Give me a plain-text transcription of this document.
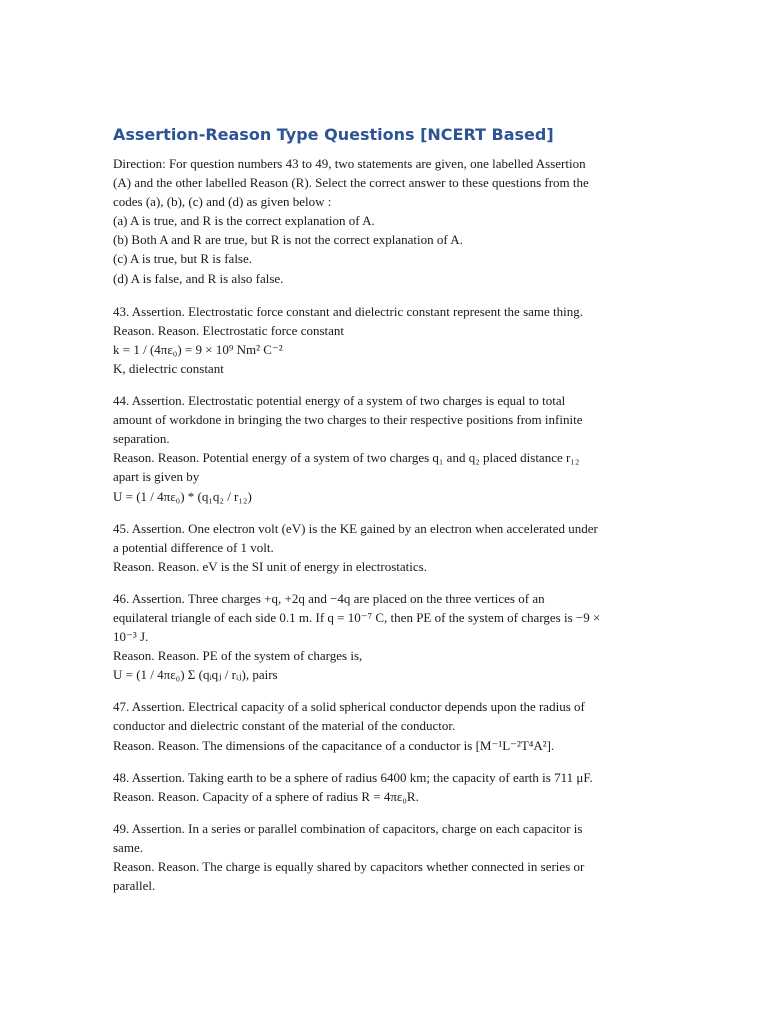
Assertion-Reason Type Questions [NCERT Based]

Direction: For question numbers 43 to 49, two statements are given, one labelled Assertion

(A) and the other labelled Reason (R). Select the correct answer to these questions from the

codes (a), (b), (c) and (d) as given below :

(a) A is true, and R is the correct explanation of A.

(b) Both A and R are true, but R is not the correct explanation of A.

(c) A is true, but R is false.

(d) A is false, and R is also false.

43. Assertion. Electrostatic force constant and dielectric constant represent the same thing.

Reason. Reason. Electrostatic force constant

k = 1 / (4πε₀) = 9 × 10⁹ Nm² C⁻²

K, dielectric constant

44. Assertion. Electrostatic potential energy of a system of two charges is equal to total

amount of workdone in bringing the two charges to their respective positions from infinite

separation.

Reason. Reason. Potential energy of a system of two charges q₁ and q₂ placed distance r₁₂

apart is given by

U = (1 / 4πε₀) * (q₁q₂ / r₁₂)

45. Assertion. One electron volt (eV) is the KE gained by an electron when accelerated under

a potential difference of 1 volt.

Reason. Reason. eV is the SI unit of energy in electrostatics.

46. Assertion. Three charges +q, +2q and −4q are placed on the three vertices of an

equilateral triangle of each side 0.1 m. If q = 10⁻⁷ C, then PE of the system of charges is −9 ×

10⁻³ J.

Reason. Reason. PE of the system of charges is,

U = (1 / 4πε₀) Σ (qᵢqⱼ / rᵢⱼ), pairs

47. Assertion. Electrical capacity of a solid spherical conductor depends upon the radius of

conductor and dielectric constant of the material of the conductor.

Reason. Reason. The dimensions of the capacitance of a conductor is [M⁻¹L⁻²T⁴A²].

48. Assertion. Taking earth to be a sphere of radius 6400 km; the capacity of earth is 711 μF.

Reason. Reason. Capacity of a sphere of radius R = 4πε₀R.

49. Assertion. In a series or parallel combination of capacitors, charge on each capacitor is

same.

Reason. Reason. The charge is equally shared by capacitors whether connected in series or

parallel.
